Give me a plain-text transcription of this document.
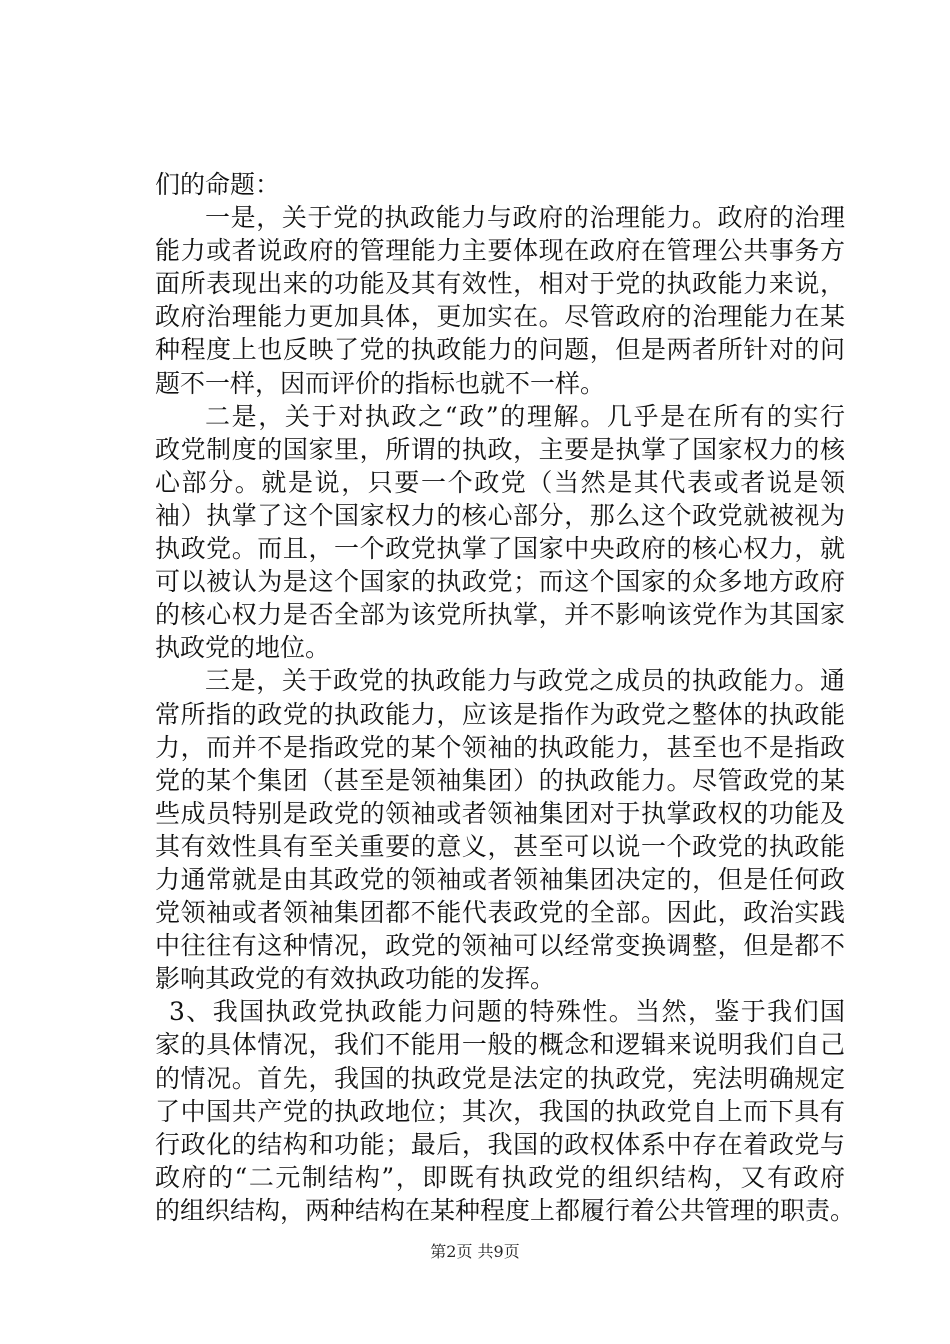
们的命题：
一是，关于党的执政能力与政府的治理能力。政府的治理
能力或者说政府的管理能力主要体现在政府在管理公共事务方
面所表现出来的功能及其有效性，相对于党的执政能力来说，
政府治理能力更加具体，更加实在。尽管政府的治理能力在某
种程度上也反映了党的执政能力的问题，但是两者所针对的问
题不一样，因而评价的指标也就不一样。
二是，关于对执政之“政”的理解。几乎是在所有的实行
政党制度的国家里，所谓的执政，主要是执掌了国家权力的核
心部分。就是说，只要一个政党（当然是其代表或者说是领
袖）执掌了这个国家权力的核心部分，那么这个政党就被视为
执政党。而且，一个政党执掌了国家中央政府的核心权力，就
可以被认为是这个国家的执政党；而这个国家的众多地方政府
的核心权力是否全部为该党所执掌，并不影响该党作为其国家
执政党的地位。
三是，关于政党的执政能力与政党之成员的执政能力。通
常所指的政党的执政能力，应该是指作为政党之整体的执政能
力，而并不是指政党的某个领袖的执政能力，甚至也不是指政
党的某个集团（甚至是领袖集团）的执政能力。尽管政党的某
些成员特别是政党的领袖或者领袖集团对于执掌政权的功能及
其有效性具有至关重要的意义，甚至可以说一个政党的执政能
力通常就是由其政党的领袖或者领袖集团决定的，但是任何政
党领袖或者领袖集团都不能代表政党的全部。因此，政治实践
中往往有这种情况，政党的领袖可以经常变换调整，但是都不
影响其政党的有效执政功能的发挥。
3、我国执政党执政能力问题的特殊性。当然，鉴于我们国
家的具体情况，我们不能用一般的概念和逻辑来说明我们自己
的情况。首先，我国的执政党是法定的执政党，宪法明确规定
了中国共产党的执政地位；其次，我国的执政党自上而下具有
行政化的结构和功能；最后，我国的政权体系中存在着政党与
政府的“二元制结构”，即既有执政党的组织结构，又有政府
的组织结构，两种结构在某种程度上都履行着公共管理的职责。
第2页 共9页
